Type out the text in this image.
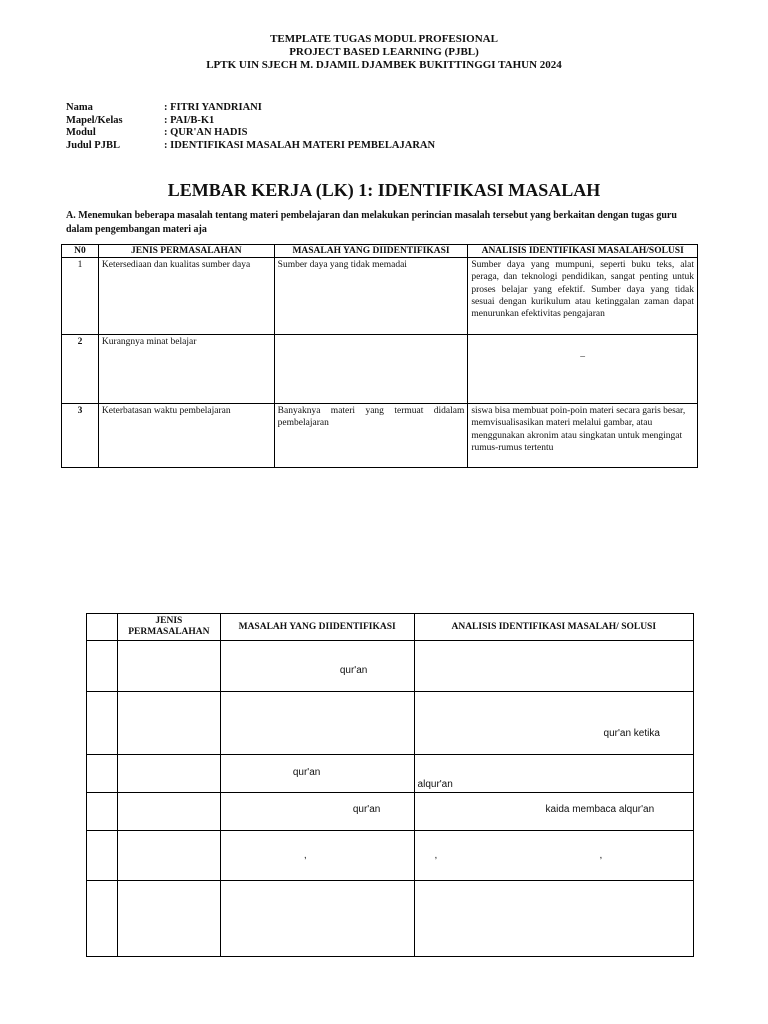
TEMPLATE TUGAS MODUL PROFESIONAL
PROJECT BASED LEARNING (PJBL)
LPTK UIN SJECH M. DJAMIL DJAMBEK BUKITTINGGI TAHUN 2024
Nama	: FITRI YANDRIANI
Mapel/Kelas	: PAI/B-K1
Modul	: QUR'AN HADIS
Judul PJBL	: IDENTIFIKASI MASALAH MATERI PEMBELAJARAN
LEMBAR KERJA (LK) 1: IDENTIFIKASI MASALAH
A. Menemukan beberapa masalah tentang materi pembelajaran dan melakukan perincian masalah tersebut yang berkaitan dengan tugas guru dalam pengembangan materi aja
N0	JENIS PERMASALAHAN	MASALAH YANG DIIDENTIFIKASI	ANALISIS IDENTIFIKASI MASALAH/SOLUSI
1	Ketersediaan dan kualitas sumber daya	Sumber daya yang tidak memadai	Sumber daya yang mumpuni, seperti buku teks, alat peraga, dan teknologi pendidikan, sangat penting untuk proses belajar yang efektif. Sumber daya yang tidak sesuai dengan kurikulum atau ketinggalan zaman dapat menurunkan efektivitas pengajaran
2	Kurangnya minat belajar		_

3	Keterbatasan waktu pembelajaran	Banyaknya materi yang termuat didalam pembelajaran	siswa bisa membuat poin-poin materi secara garis besar, memvisualisasikan materi melalui gambar, atau menggunakan akronim atau singkatan untuk mengingat rumus-rumus tertentu
	JENIS PERMASALAHAN	MASALAH YANG DIIDENTIFIKASI	ANALISIS IDENTIFIKASI MASALAH/ SOLUSI

		qur'an	

			qur'an ketika

		qur'an	alqur'an

		qur'an	kaida membaca alqur'an

		,	, ,
